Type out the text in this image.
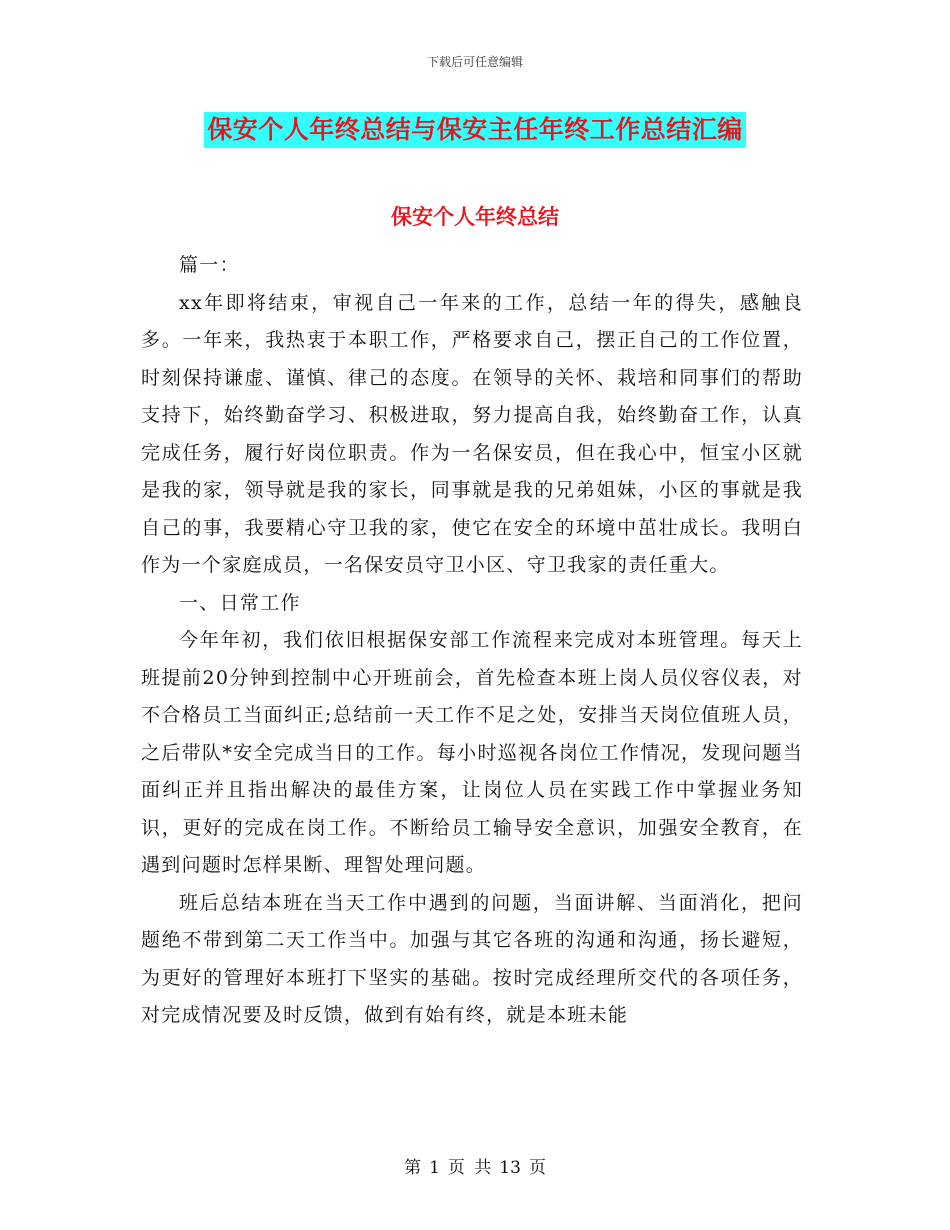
下载后可任意编辑
保安个人年终总结与保安主任年终工作总结汇编
保安个人年终总结

篇一：

xx年即将结束，审视自己一年来的工作，总结一年的得失，感触良多。一年来，我热衷于本职工作，严格要求自己，摆正自己的工作位置，时刻保持谦虚、谨慎、律己的态度。在领导的关怀、栽培和同事们的帮助支持下，始终勤奋学习、积极进取，努力提高自我，始终勤奋工作，认真完成任务，履行好岗位职责。作为一名保安员，但在我心中，恒宝小区就是我的家，领导就是我的家长，同事就是我的兄弟姐妹，小区的事就是我自己的事，我要精心守卫我的家，使它在安全的环境中茁壮成长。我明白作为一个家庭成员，一名保安员守卫小区、守卫我家的责任重大。

一、日常工作

今年年初，我们依旧根据保安部工作流程来完成对本班管理。每天上班提前20分钟到控制中心开班前会，首先检查本班上岗人员仪容仪表，对不合格员工当面纠正;总结前一天工作不足之处，安排当天岗位值班人员，之后带队*安全完成当日的工作。每小时巡视各岗位工作情况，发现问题当面纠正并且指出解决的最佳方案，让岗位人员在实践工作中掌握业务知识，更好的完成在岗工作。不断给员工输导安全意识，加强安全教育，在遇到问题时怎样果断、理智处理问题。

班后总结本班在当天工作中遇到的问题，当面讲解、当面消化，把问题绝不带到第二天工作当中。加强与其它各班的沟通和沟通，扬长避短，为更好的管理好本班打下坚实的基础。按时完成经理所交代的各项任务，对完成情况要及时反馈，做到有始有终，就是本班未能

第 1 页 共 13 页
